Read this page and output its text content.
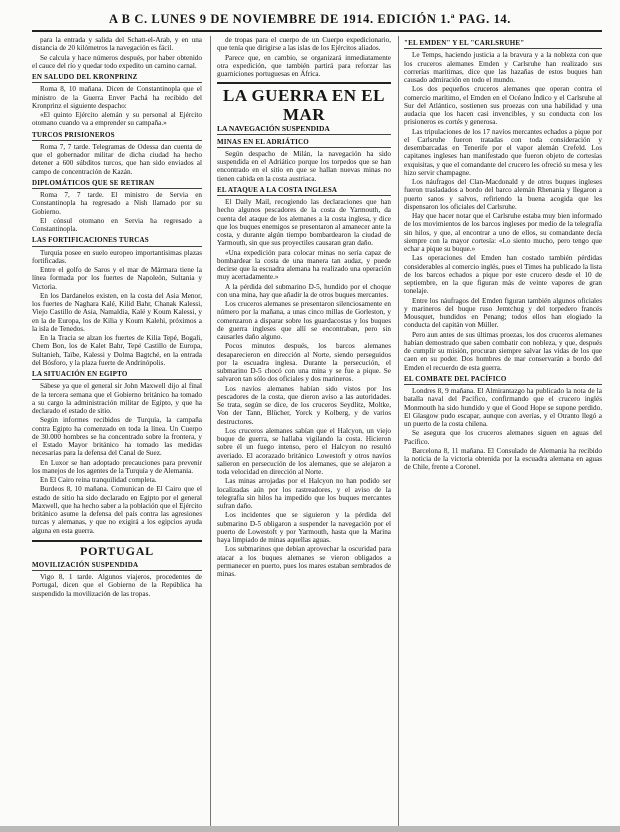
A B C. LUNES 9 DE NOVIEMBRE DE 1914. EDICIÓN 1.ª PAG. 14.

para la entrada y salida del Schatt-el-Arab, y en una distancia de 20 kilómetros la navegación es fácil.

Se calcula y hace números después, por haber obtenido el cauce del río y quedar todo expedito un camino carnal.

EN SALUDO DEL KRONPRINZ

Roma 8, 10 mañana. Dicen de Constantinopla que el ministro de la Guerra Enver Pachá ha recibido del Kronprinz el siguiente despacho:

«El quinto Ejército alemán y su personal al Ejército otomano cuando va a emprender su campaña.»

TURCOS PRISIONEROS

Roma 7, 7 tarde. Telegramas de Odessa dan cuenta de que el gobernador militar de dicha ciudad ha hecho detener a 600 súbditos turcos, que han sido enviados al campo de concentración de Kazán.

DIPLOMÁTICOS QUE SE RETIRAN

Roma 7, 7 tarde. El ministro de Servia en Constantinopla ha regresado a Nish llamado por su Gobierno.

El cónsul otomano en Servia ha regresado a Constantinopla.

LAS FORTIFICACIONES TURCAS

Turquía posee en suelo europeo importantísimas plazas fortificadas.

Entre el golfo de Saros y el mar de Mármara tiene la línea formada por los fuertes de Napoleón, Sultania y Victoria.

En los Dardanelos existen, en la costa del Asia Menor, los fuertes de Naghara Kalé, Kilid Bahr, Chanak Kalessi, Viejo Castillo de Asia, Namaldia, Kalé y Koum Kalessi, y en la de Europa, los de Kilia y Koum Kalehi, próximos a la isla de Tenedos.

En la Tracia se alzan los fuertes de Kilia Tepé, Bogali, Chem Bon, los de Kalet Bahr, Tepé Castillo de Europa, Sultanieh, Taïbe, Kalessi y Dolma Bagtché, en la entrada del Bósforo, y la plaza fuerte de Andrinópolis.

LA SITUACIÓN EN EGIPTO

Sábese ya que el general sir John Maxwell dijo al final de la tercera semana que el Gobierno británico ha tomado a su cargo la administración militar de Egipto, y que ha declarado el estado de sitio.

Según informes recibidos de Turquía, la campaña contra Egipto ha comenzado en toda la línea. Un Cuerpo de 30.000 hombres se ha concentrado sobre la frontera, y el Estado Mayor británico ha tomado las medidas necesarias para la defensa del Canal de Suez.

En Luxor se han adoptado precauciones para prevenir los manejos de los agentes de la Turquía y de Alemania.

En El Cairo reina tranquilidad completa.

Burdeos 8, 10 mañana. Comunican de El Cairo que el estado de sitio ha sido declarado en Egipto por el general Maxwell, que ha hecho saber a la población que el Ejército británico asume la defensa del país contra las agresiones turcas y alemanas, y que no exigirá a los egipcios ayuda alguna en esta guerra.

PORTUGAL
MOVILIZACIÓN SUSPENDIDA

Vigo 8, 1 tarde. Algunos viajeros, procedentes de Portugal, dicen que el Gobierno de la República ha suspendido la movilización de las tropas.

de tropas para el cuerpo de un Cuerpo expedicionario, que tenía que dirigirse a las islas de los Ejércitos aliados.

Parece que, en cambio, se organizará inmediatamente otra expedición, que también partirá para reforzar las guarniciones portuguesas en África.

LA GUERRA EN EL MAR
LA NAVEGACIÓN SUSPENDIDA
MINAS EN EL ADRIÁTICO

Según despacho de Milán, la navegación ha sido suspendida en el Adriático porque los torpedos que se han encontrado en el sitio en que se hallan nuevas minas no tienen cabida en la costa austriaca.

EL ATAQUE A LA COSTA INGLESA

El Daily Mail, recogiendo las declaraciones que han hecho algunos pescadores de la costa de Yarmouth, da cuenta del ataque de los alemanes a la costa inglesa, y dice que los buques enemigos se presentaron al amanecer ante la costa, y durante algún tiempo bombardearon la ciudad de Yarmouth, sin que sus proyectiles causaran gran daño.

«Una expedición para colocar minas no sería capaz de bombardear la costa de una manera tan audaz, y puede decirse que la escuadra alemana ha realizado una operación muy acertadamente.»

A la pérdida del submarino D-5, hundido por el choque con una mina, hay que añadir la de otros buques mercantes.

Los cruceros alemanes se presentaron silenciosamente en número por la mañana, a unas cinco millas de Gorleston, y comenzaron a disparar sobre los guardacostas y los buques de guerra ingleses que allí se encontraban, pero sin causarles daño alguno.

Pocos minutos después, los barcos alemanes desaparecieron en dirección al Norte, siendo perseguidos por la escuadra inglesa. Durante la persecución, el submarino D-5 chocó con una mina y se fue a pique. Se salvaron tan sólo dos oficiales y dos marineros.

Los navíos alemanes habían sido vistos por los pescadores de la costa, que dieron aviso a las autoridades. Se trata, según se dice, de los cruceros Seydlitz, Moltke, Von der Tann, Blücher, Yorck y Kolberg, y de varios destructores.

Los cruceros alemanes sabían que el Halcyon, un viejo buque de guerra, se hallaba vigilando la costa. Hicieron sobre él un fuego intenso, pero el Halcyon no resultó averiado. El acorazado británico Lowestoft y otros navíos salieron en persecución de los alemanes, que se alejaron a toda velocidad en dirección al Norte.

Las minas arrojadas por el Halcyon no han podido ser localizadas aún por los rastreadores, y el aviso de la telegrafía sin hilos ha impedido que los buques mercantes sufran daño.

Los incidentes que se siguieron y la pérdida del submarino D-5 obligaron a suspender la navegación por el puerto de Lowestoft y por Yarmouth, hasta que la Marina haya limpiado de minas aquellas aguas.

Los submarinos que debían aprovechar la oscuridad para atacar a los buques alemanes se vieron obligados a permanecer en puerto, pues los mares estaban sembrados de minas.

"EL EMDEN" Y EL "CARLSRUHE"

Le Temps, haciendo justicia a la bravura y a la nobleza con que los cruceros alemanes Emden y Carlsruhe han realizado sus correrías marítimas, dice que las hazañas de estos buques han causado admiración en todo el mundo.

Los dos pequeños cruceros alemanes que operan contra el comercio marítimo, el Emden en el Océano Índico y el Carlsruhe al Sur del Atlántico, sostienen sus proezas con una habilidad y una audacia que los hacen casi invencibles, y su conducta con los prisioneros es cortés y generosa.

Las tripulaciones de los 17 navíos mercantes echados a pique por el Carlsruhe fueron tratadas con toda consideración y desembarcadas en Tenerife por el vapor alemán Crefeld. Los capitanes ingleses han manifestado que fueron objeto de cortesías exquisitas, y que el comandante del crucero les ofreció su mesa y les hizo servir champagne.

Los náufragos del Clan-Macdonald y de otros buques ingleses fueron trasladados a bordo del barco alemán Rhenania y llegaron a puerto sanos y salvos, refiriendo la buena acogida que les dispensaron los oficiales del Carlsruhe.

Hay que hacer notar que el Carlsruhe estaba muy bien informado de los movimientos de los barcos ingleses por medio de la telegrafía sin hilos, y que, al encontrar a uno de ellos, su comandante decía siempre con la mayor cortesía: «Lo siento mucho, pero tengo que echar a pique su buque.»

Las operaciones del Emden han costado también pérdidas considerables al comercio inglés, pues el Times ha publicado la lista de los barcos echados a pique por este crucero desde el 10 de septiembre, en la que figuran más de veinte vapores de gran tonelaje.

Entre los náufragos del Emden figuran también algunos oficiales y marineros del buque ruso Jemtchug y del torpedero francés Mousquet, hundidos en Penang; todos ellos han elogiado la conducta del capitán von Müller.

Pero aun antes de sus últimas proezas, los dos cruceros alemanes habían demostrado que saben combatir con nobleza, y que, después de cumplir su misión, procuran siempre salvar las vidas de los que caen en su poder. Dos hombres de mar conservarán a bordo del Emden el recuerdo de esta guerra.

EL COMBATE DEL PACÍFICO

Londres 8, 9 mañana. El Almirantazgo ha publicado la nota de la batalla naval del Pacífico, confirmando que el crucero inglés Monmouth ha sido hundido y que el Good Hope se supone perdido. El Glasgow pudo escapar, aunque con averías, y el Otranto llegó a un puerto de la costa chilena.

Se asegura que los cruceros alemanes siguen en aguas del Pacífico.

Barcelona 8, 11 mañana. El Consulado de Alemania ha recibido la noticia de la victoria obtenida por la escuadra alemana en aguas de Chile, frente a Coronel.
